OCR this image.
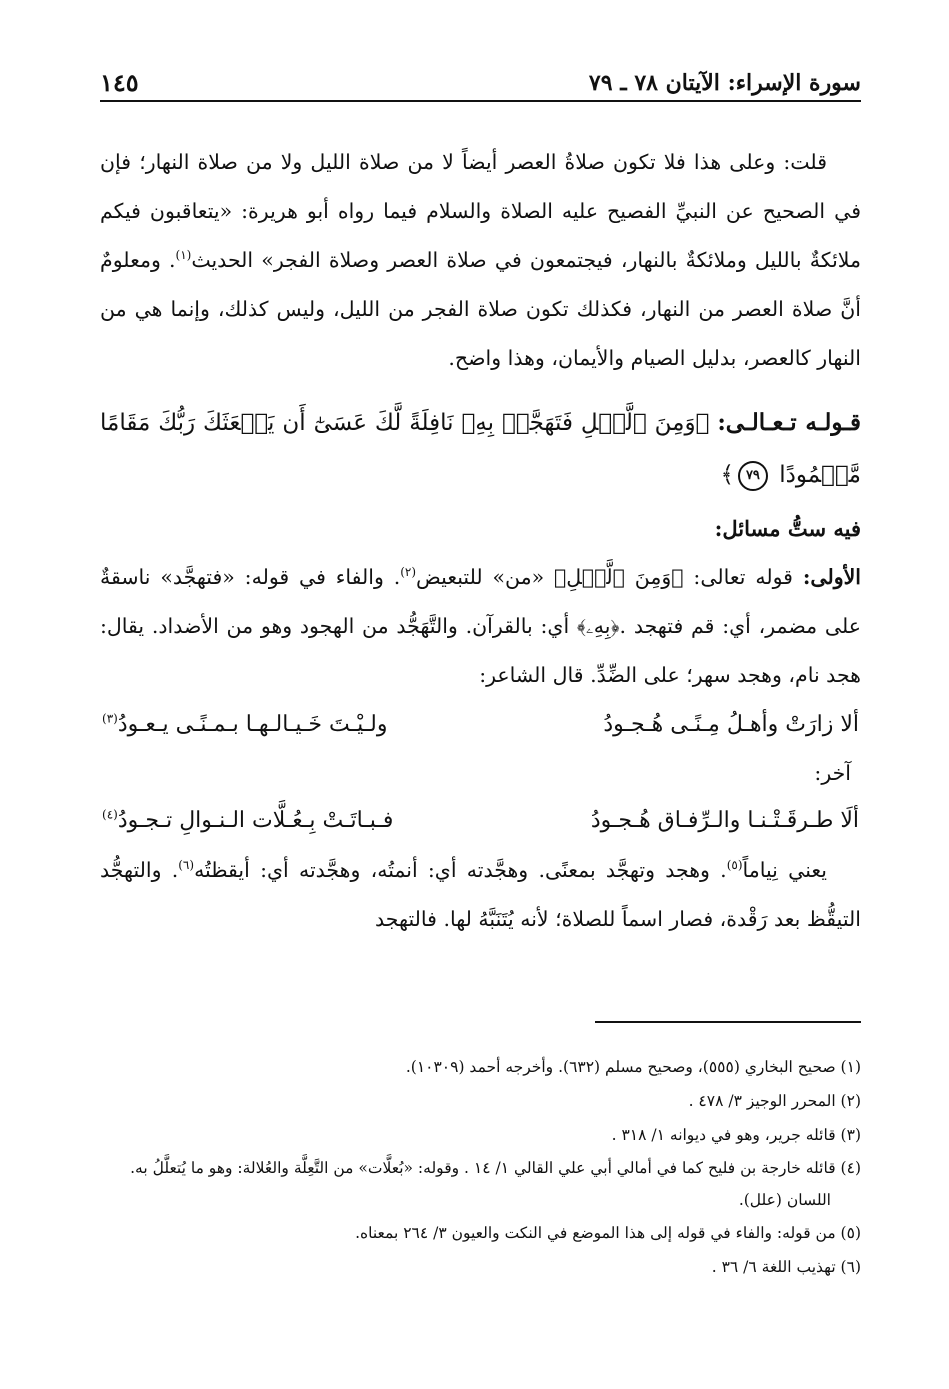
سورة الإسراء: الآيتان ٧٨ ـ ٧٩
١٤٥

قلت: وعلى هذا فلا تكون صلاةُ العصر أيضاً لا من صلاة الليل ولا من صلاة النهار؛ فإن في الصحيح عن النبيِّ الفصيح عليه الصلاة والسلام فيما رواه أبو هريرة: «يتعاقبون فيكم ملائكةٌ بالليل وملائكةٌ بالنهار، فيجتمعون في صلاة العصر وصلاة الفجر» الحديث$^{(١)}$. ومعلومٌ أنَّ صلاة العصر من النهار، فكذلك تكون صلاة الفجر من الليل، وليس كذلك، وإنما هي من النهار كالعصر، بدليل الصيام والأيمان، وهذا واضح.

قـولـه تـعـالـى: ﴿وَمِنَ ٱلَّيۡلِ فَتَهَجَّدۡ بِهِۦ نَافِلَةً لَّكَ عَسَىٰٓ أَن يَبۡعَثَكَ رَبُّكَ مَقَامًا مَّحۡمُودًا ٧٩﴾

فيه ستُّ مسائل:

الأولى: قوله تعالى: ﴿وَمِنَ ٱلَّيۡلِ﴾ «من» للتبعيض$^{(٢)}$. والفاء في قوله: «فتهجَّد» ناسقةٌ على مضمر، أي: قم فتهجد .﴿بِهِۦ﴾ أي: بالقرآن. والتَّهَجُّد من الهجود وهو من الأضداد. يقال: هجد نام، وهجد سهر؛ على الضِّدِّ. قال الشاعر:

ألا زارَتْ وأهـلُ مِـنًـى هُـجـودُ
ولـيْـتَ خَـيـالـهـا بـمـنًـى يـعـودُ$^{(٣)}$
آخر:
ألَا طـرقَـتْـنـا والـرِّفـاق هُـجـودُ
فـبـاتَـتْ بِـعُـلَّات الـنـوالِ تـجـودُ$^{(٤)}$

يعني نِياماً$^{(٥)}$. وهجد وتهجَّد بمعنًى. وهجَّدته أي: أنمتُه، وهجَّدته أي: أيقظتُه$^{(٦)}$. والتهجُّد التيقُّظ بعد رَقْدة، فصار اسماً للصلاة؛ لأنه يُتَنَبَّهُ لها. فالتهجد

(١) صحيح البخاري (٥٥٥)، وصحيح مسلم (٦٣٢). وأخرجه أحمد (١٠٣٠٩).

(٢) المحرر الوجيز ٣/ ٤٧٨ .

(٣) قائله جرير، وهو في ديوانه ١/ ٣١٨ .

(٤) قائله خارجة بن فليح كما في أمالي أبي علي القالي ١/ ١٤ . وقوله: «بُعلَّات» من التَّعِلَّة والعُلالة: وهو ما يُتعلَّلُ به. اللسان (علل).

(٥) من قوله: والفاء في قوله إلى هذا الموضع في النكت والعيون ٣/ ٢٦٤ بمعناه.

(٦) تهذيب اللغة ٦/ ٣٦ .
